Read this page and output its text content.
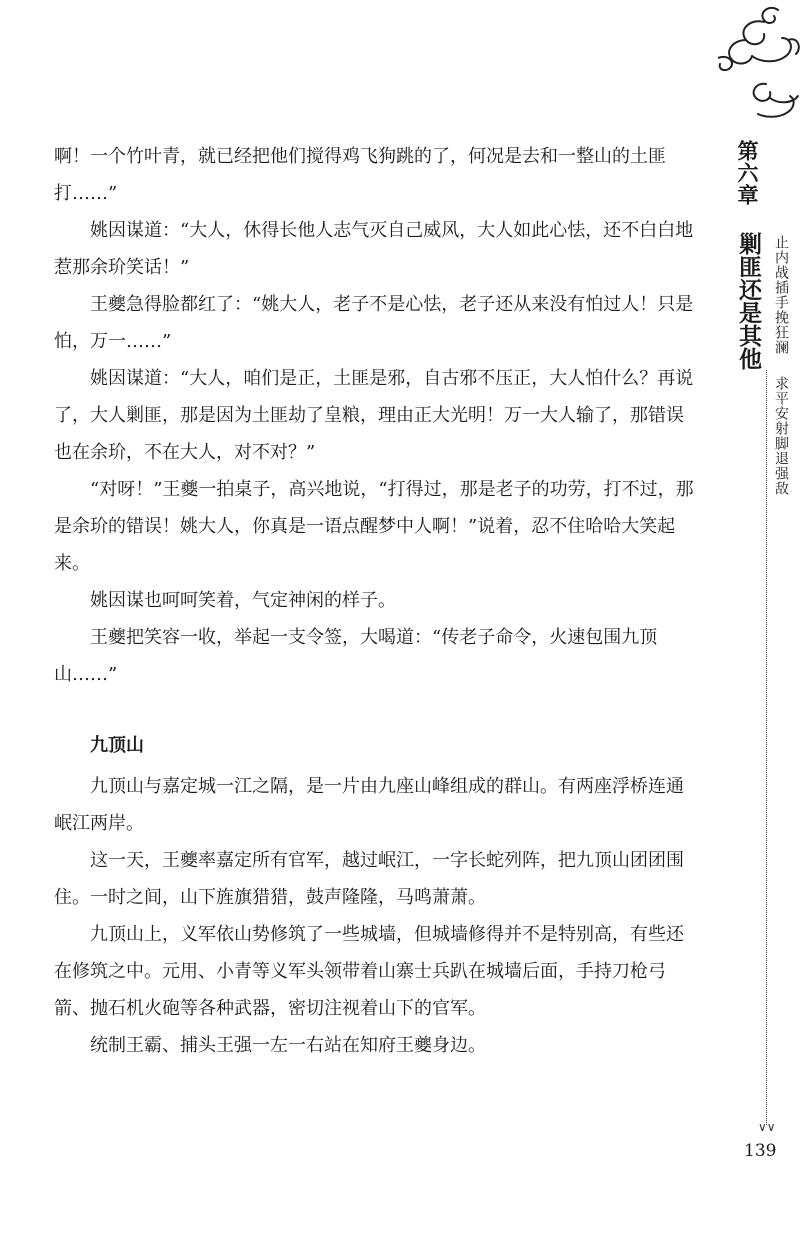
啊！一个竹叶青，就已经把他们搅得鸡飞狗跳的了，何况是去和一整山的土匪打……”

姚因谋道：“大人，休得长他人志气灭自己威风，大人如此心怯，还不白白地惹那余玠笑话！”

王夔急得脸都红了：“姚大人，老子不是心怯，老子还从来没有怕过人！只是怕，万一……”

姚因谋道：“大人，咱们是正，土匪是邪，自古邪不压正，大人怕什么？再说了，大人剿匪，那是因为土匪劫了皇粮，理由正大光明！万一大人输了，那错误也在余玠，不在大人，对不对？”

“对呀！”王夔一拍桌子，高兴地说，“打得过，那是老子的功劳，打不过，那是余玠的错误！姚大人，你真是一语点醒梦中人啊！”说着，忍不住哈哈大笑起来。

姚因谋也呵呵笑着，气定神闲的样子。

王夔把笑容一收，举起一支令签，大喝道：“传老子命令，火速包围九顶山……”

九顶山

九顶山与嘉定城一江之隔，是一片由九座山峰组成的群山。有两座浮桥连通岷江两岸。

这一天，王夔率嘉定所有官军，越过岷江，一字长蛇列阵，把九顶山团团围住。一时之间，山下旌旗猎猎，鼓声隆隆，马鸣萧萧。

九顶山上，义军依山势修筑了一些城墙，但城墙修得并不是特别高，有些还在修筑之中。元用、小青等义军头领带着山寨士兵趴在城墙后面，手持刀枪弓箭、抛石机火砲等各种武器，密切注视着山下的官军。

统制王霸、捕头王强一左一右站在知府王夔身边。

第六章
剿匪还是其他 止内战插手挽狂澜
求平安射脚退强敌
∨∨
139
